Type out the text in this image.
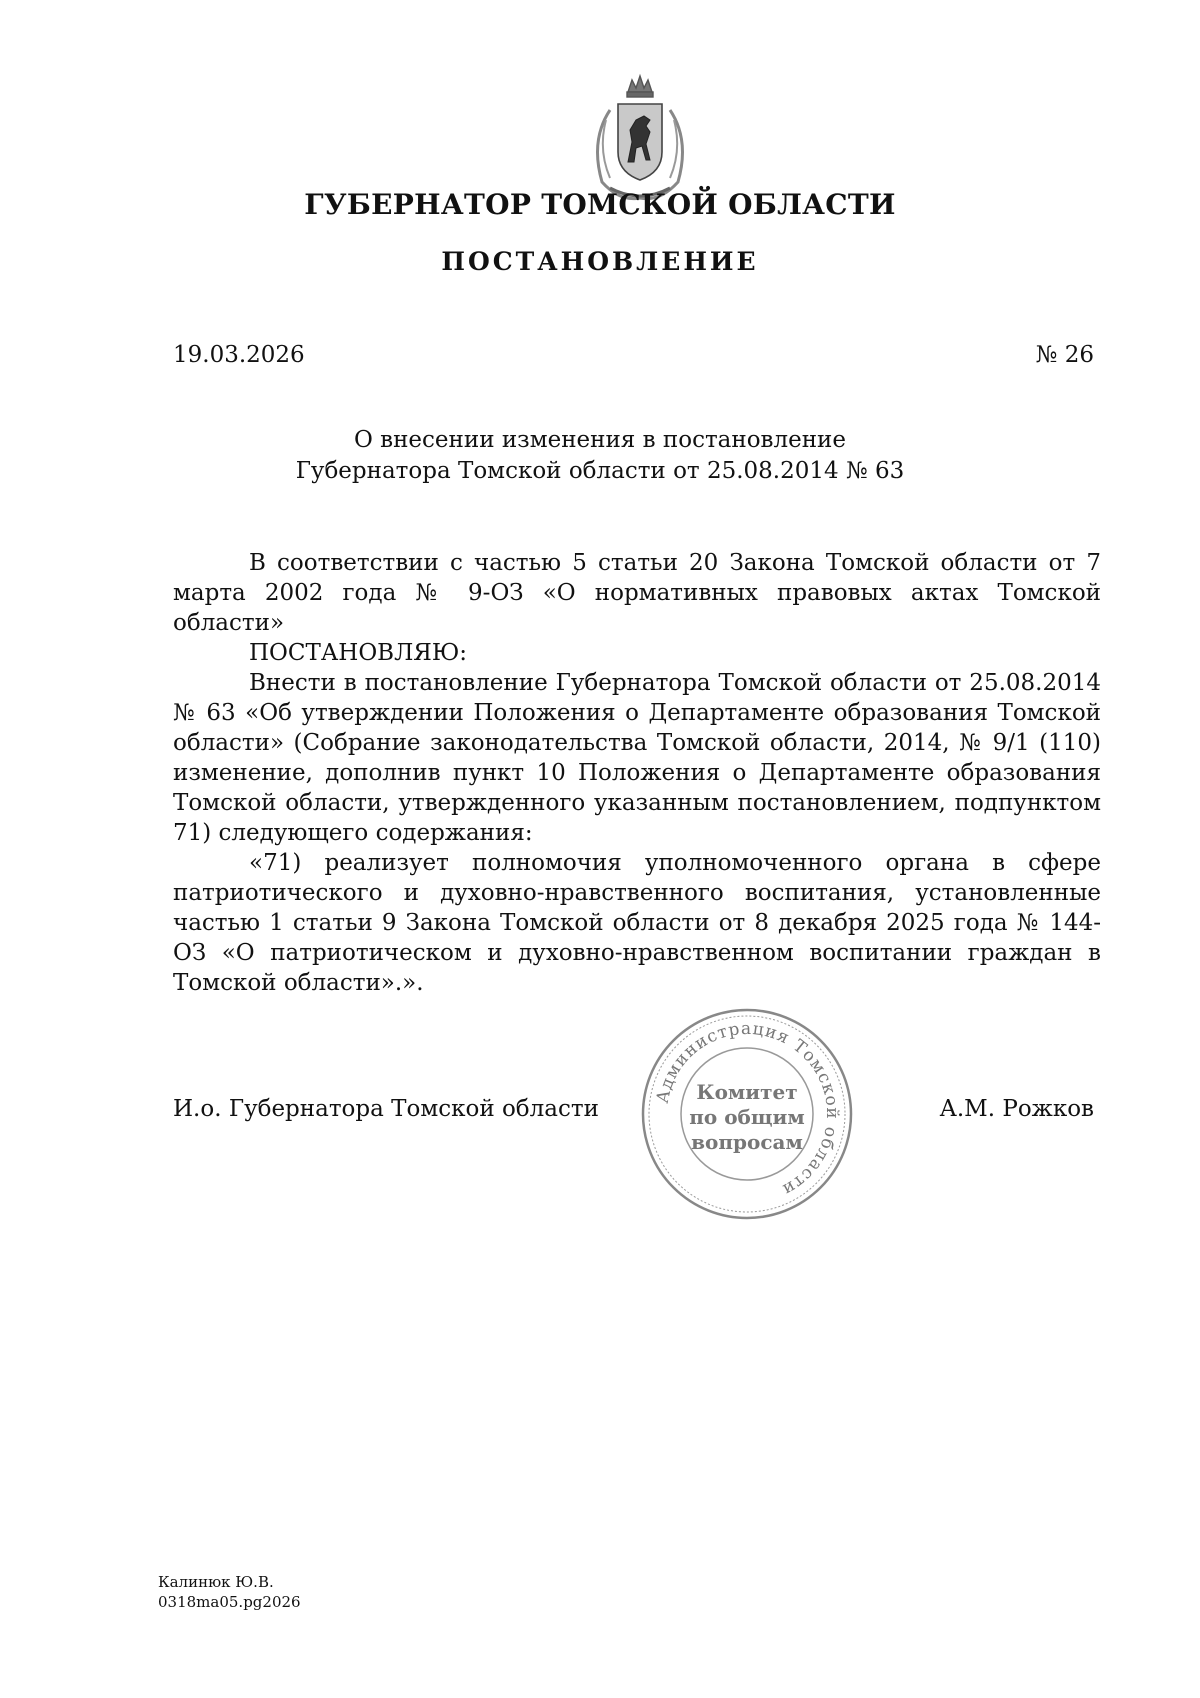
ГУБЕРНАТОР ТОМСКОЙ ОБЛАСТИ
ПОСТАНОВЛЕНИЕ
19.03.2026	№ 26
О внесении изменения в постановление
Губернатора Томской области от 25.08.2014 № 63

В соответствии с частью 5 статьи 20 Закона Томской области от 7 марта 2002 года № 9-ОЗ «О нормативных правовых актах Томской области»

ПОСТАНОВЛЯЮ:

Внести в постановление Губернатора Томской области от 25.08.2014 № 63 «Об утверждении Положения о Департаменте образования Томской области» (Собрание законодательства Томской области, 2014, № 9/1 (110) изменение, дополнив пункт 10 Положения о Департаменте образования Томской области, утвержденного указанным постановлением, подпунктом 71) следующего содержания:

«71) реализует полномочия уполномоченного органа в сфере патриотического и духовно-нравственного воспитания, установленные частью 1 статьи 9 Закона Томской области от 8 декабря 2025 года № 144-ОЗ «О патриотическом и духовно-нравственном воспитании граждан в Томской области».».

И.о. Губернатора Томской области	А.М. Рожков
Администрация Томской области
Комитет
по общим
вопросам
Калинюк Ю.В.
0318ma05.pg2026
